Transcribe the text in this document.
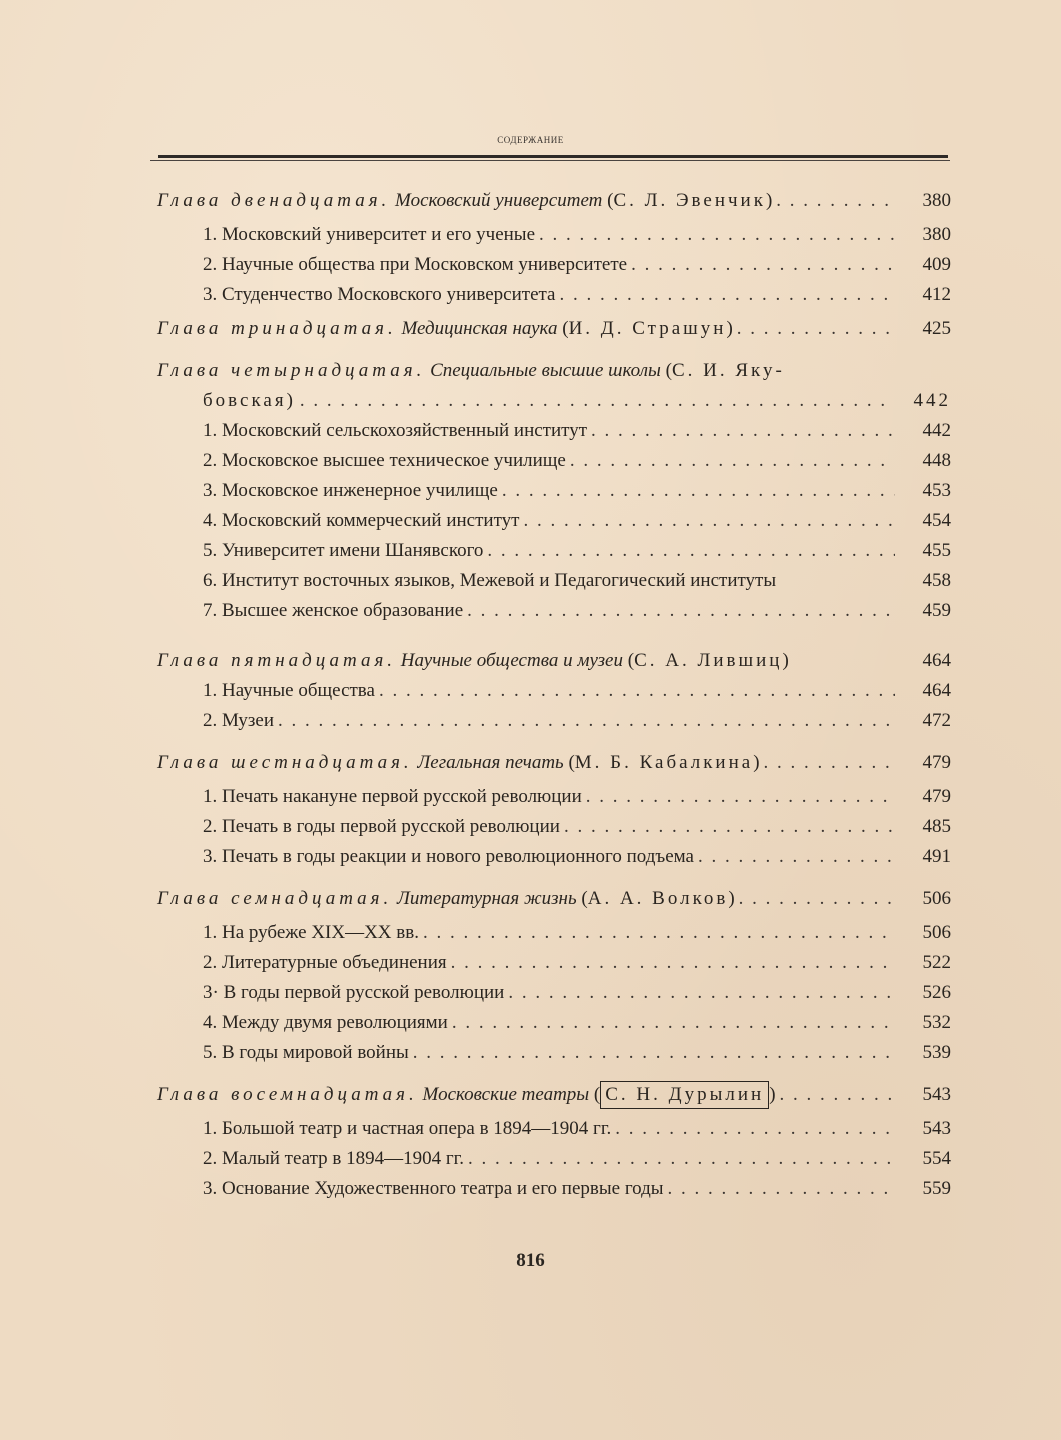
содержание
Глава двенадцатая. Московский университет (С. Л. Эвенчик) . . .	380
1. Московский университет и его ученые . . .	380
2. Научные общества при Московском университете . . .	409
3. Студенчество Московского университета . . .	412
Глава тринадцатая. Медицинская наука (И. Д. Страшун) . . .	425
Глава четырнадцатая. Специальные высшие школы (С. И. Яку-
бовская) . . .	442
1. Московский сельскохозяйственный институт . . .	442
2. Московское высшее техническое училище . . .	448
3. Московское инженерное училище . . .	453
4. Московский коммерческий институт . . .	454
5. Университет имени Шанявского . . .	455
6. Институт восточных языков, Межевой и Педагогический институты	458
7. Высшее женское образование . . .	459
Глава пятнадцатая. Научные общества и музеи (С. А. Лившиц)	464
1. Научные общества . . .	464
2. Музеи . . .	472
Глава шестнадцатая. Легальная печать (М. Б. Кабалкина) . . .	479
1. Печать накануне первой русской революции . . .	479
2. Печать в годы первой русской революции . . .	485
3. Печать в годы реакции и нового революционного подъема . . .	491
Глава семнадцатая. Литературная жизнь (А. А. Волков) . . .	506
1. На рубеже XIX—XX вв. . . .	506
2. Литературные объединения . . .	522
3· В годы первой русской революции . . .	526
4. Между двумя революциями . . .	532
5. В годы мировой войны . . .	539
Глава восемнадцатая. Московские театры ( С. Н. Дурылин ) . . .	543
1. Большой театр и частная опера в 1894—1904 гг. . . .	543
2. Малый театр в 1894—1904 гг. . . .	554
3. Основание Художественного театра и его первые годы . . .	559
816
